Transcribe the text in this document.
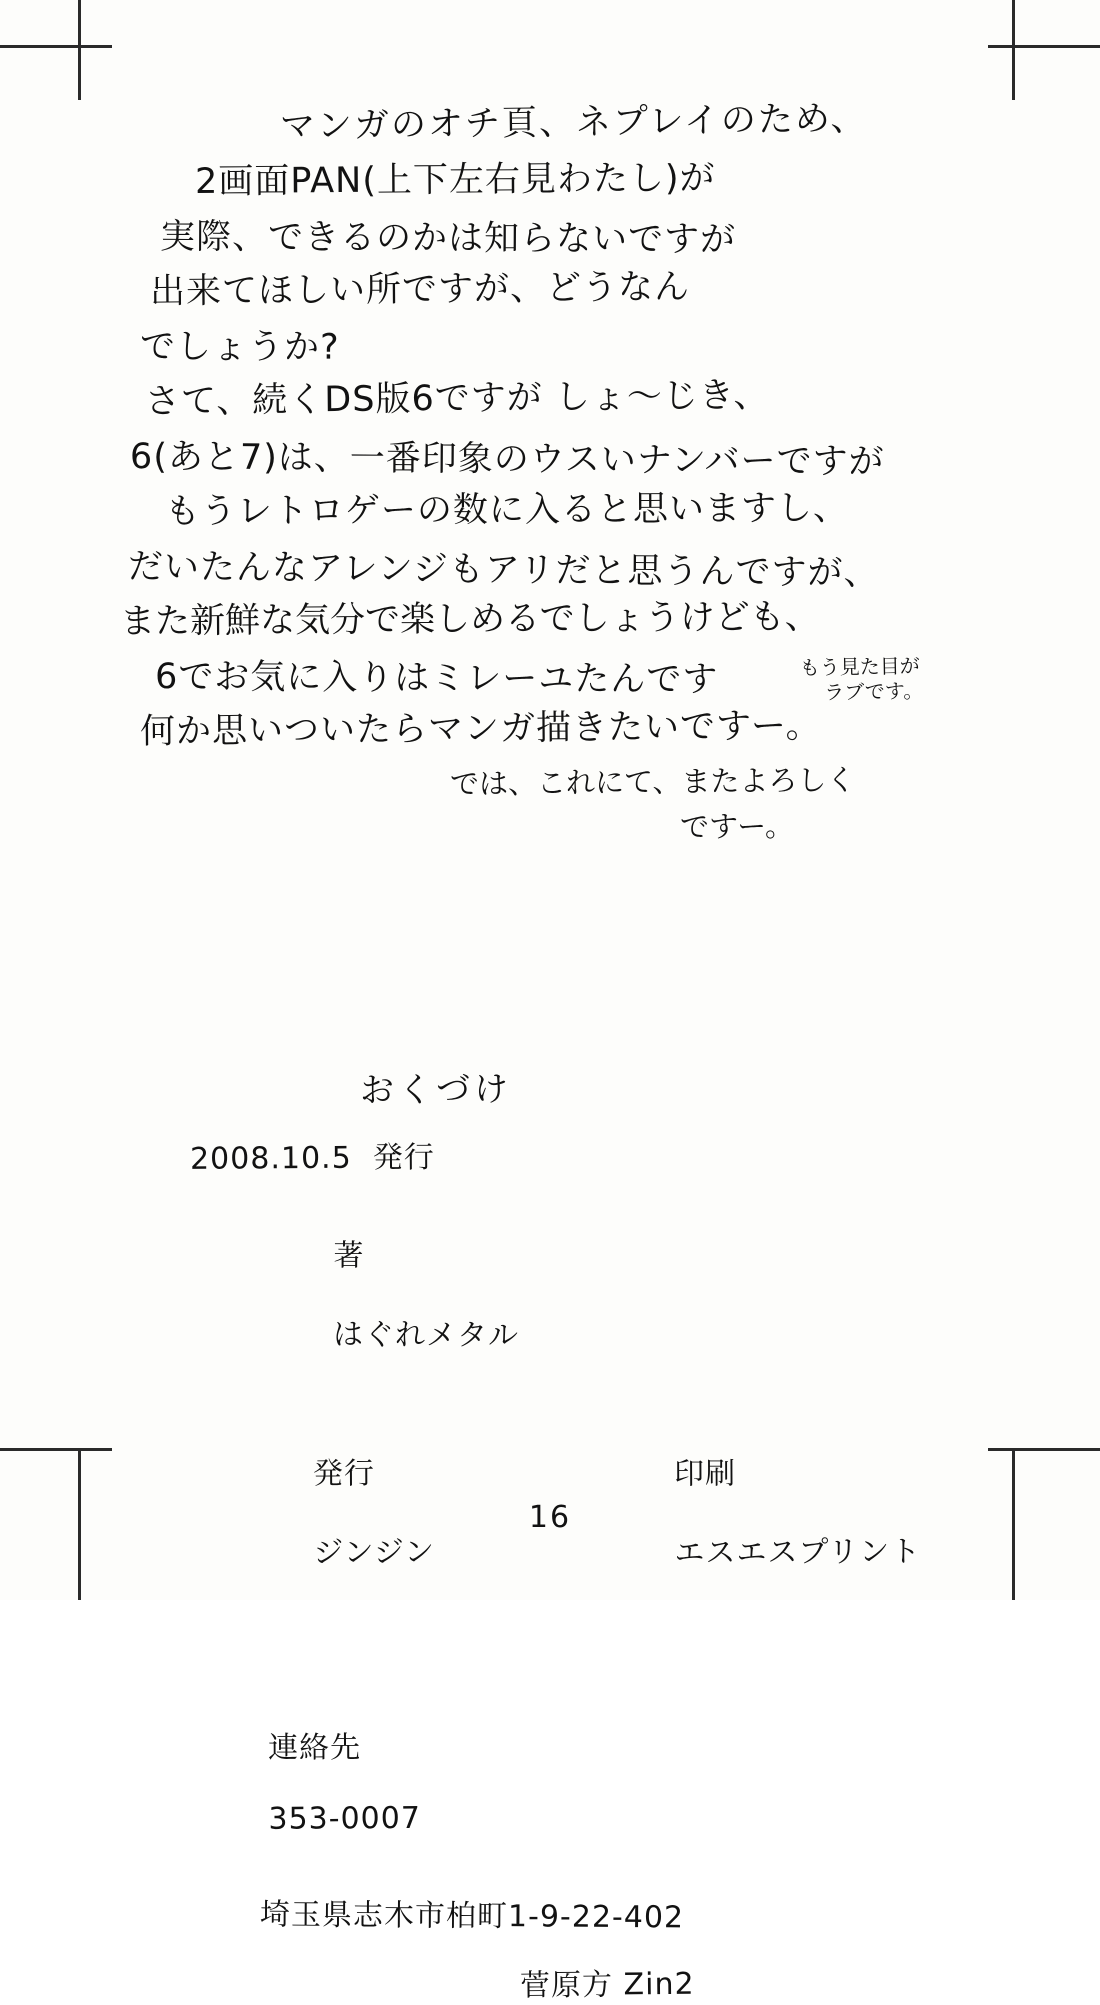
マンガのオチ頁、ネプレイのため、
2画面PAN(上下左右見わたし)が
実際、できるのかは知らないですが
出来てほしい所ですが、どうなん
でしょうか?
さて、続くDS版6ですが しょ〜じき、
6(あと7)は、一番印象のウスいナンバーですが
もうレトロゲーの数に入ると思いますし、
だいたんなアレンジもアリだと思うんですが、
また新鮮な気分で楽しめるでしょうけども、
6でお気に入りはミレーユたんです	もう見た目が
ラブです。
何か思いついたらマンガ描きたいですー。
では、これにて、またよろしく
ですー。
おくづけ
2008.10.5  発行

著

はぐれメタル

発行

ジンジン

印刷

エスエスプリント

連絡先

353-0007

埼玉県志木市柏町1-9-22-402
菅原方 Zin2
16
